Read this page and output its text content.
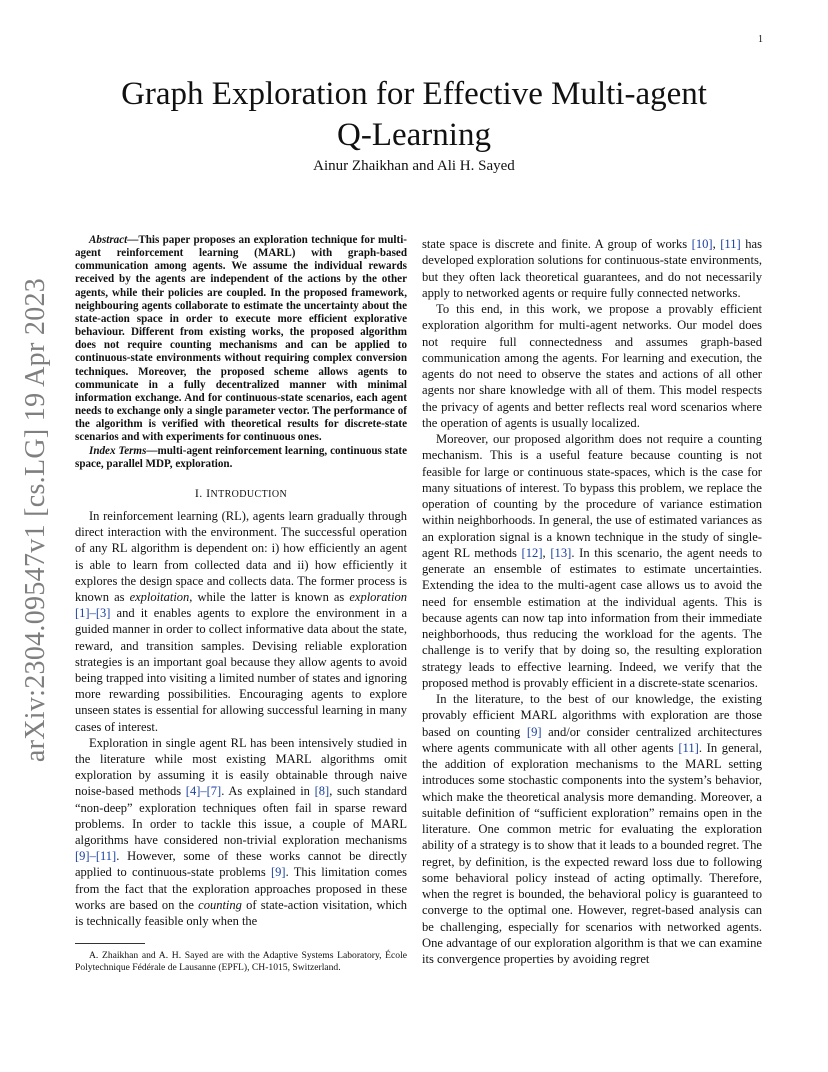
1
arXiv:2304.09547v1 [cs.LG] 19 Apr 2023
Graph Exploration for Effective Multi-agent
Q-Learning
Ainur Zhaikhan and Ali H. Sayed

Abstract—This paper proposes an exploration technique for multi-agent reinforcement learning (MARL) with graph-based communication among agents. We assume the individual rewards received by the agents are independent of the actions by the other agents, while their policies are coupled. In the proposed framework, neighbouring agents collaborate to estimate the uncertainty about the state-action space in order to execute more efficient explorative behaviour. Different from existing works, the proposed algorithm does not require counting mechanisms and can be applied to continuous-state environments without requiring complex conversion techniques. Moreover, the proposed scheme allows agents to communicate in a fully decentralized manner with minimal information exchange. And for continuous-state scenarios, each agent needs to exchange only a single parameter vector. The performance of the algorithm is verified with theoretical results for discrete-state scenarios and with experiments for continuous ones.

Index Terms—multi-agent reinforcement learning, continuous state space, parallel MDP, exploration.

I. INTRODUCTION

In reinforcement learning (RL), agents learn gradually through direct interaction with the environment. The successful operation of any RL algorithm is dependent on: i) how efficiently an agent is able to learn from collected data and ii) how efficiently it explores the design space and collects data. The former process is known as exploitation, while the latter is known as exploration [1]–[3] and it enables agents to explore the environment in a guided manner in order to collect informative data about the state, reward, and transition samples. Devising reliable exploration strategies is an important goal because they allow agents to avoid being trapped into visiting a limited number of states and ignoring more rewarding possibilities. Encouraging agents to explore unseen states is essential for allowing successful learning in many cases of interest.

Exploration in single agent RL has been intensively studied in the literature while most existing MARL algorithms omit exploration by assuming it is easily obtainable through naive noise-based methods [4]–[7]. As explained in [8], such standard “non-deep” exploration techniques often fail in sparse reward problems. In order to tackle this issue, a couple of MARL algorithms have considered non-trivial exploration mechanisms [9]–[11]. However, some of these works cannot be directly applied to continuous-state problems [9]. This limitation comes from the fact that the exploration approaches proposed in these works are based on the counting of state-action visitation, which is technically feasible only when the

A. Zhaikhan and A. H. Sayed are with the Adaptive Systems Laboratory, École Polytechnique Fédérale de Lausanne (EPFL), CH-1015, Switzerland.

state space is discrete and finite. A group of works [10], [11] has developed exploration solutions for continuous-state environments, but they often lack theoretical guarantees, and do not necessarily apply to networked agents or require fully connected networks.

To this end, in this work, we propose a provably efficient exploration algorithm for multi-agent networks. Our model does not require full connectedness and assumes graph-based communication among the agents. For learning and execution, the agents do not need to observe the states and actions of all other agents nor share knowledge with all of them. This model respects the privacy of agents and better reflects real word scenarios where the operation of agents is usually localized.

Moreover, our proposed algorithm does not require a counting mechanism. This is a useful feature because counting is not feasible for large or continuous state-spaces, which is the case for many situations of interest. To bypass this problem, we replace the operation of counting by the procedure of variance estimation within neighborhoods. In general, the use of estimated variances as an exploration signal is a known technique in the study of single-agent RL methods [12], [13]. In this scenario, the agent needs to generate an ensemble of estimates to estimate uncertainties. Extending the idea to the multi-agent case allows us to avoid the need for ensemble estimation at the individual agents. This is because agents can now tap into information from their immediate neighborhoods, thus reducing the workload for the agents. The challenge is to verify that by doing so, the resulting exploration strategy leads to effective learning. Indeed, we verify that the proposed method is provably efficient in a discrete-state scenarios.

In the literature, to the best of our knowledge, the existing provably efficient MARL algorithms with exploration are those based on counting [9] and/or consider centralized architectures where agents communicate with all other agents [11]. In general, the addition of exploration mechanisms to the MARL setting introduces some stochastic components into the system’s behavior, which make the theoretical analysis more demanding. Moreover, a suitable definition of “sufficient exploration” remains open in the literature. One common metric for evaluating the exploration ability of a strategy is to show that it leads to a bounded regret. The regret, by definition, is the expected reward loss due to following some behavioral policy instead of acting optimally. Therefore, when the regret is bounded, the behavioral policy is guaranteed to converge to the optimal one. However, regret-based analysis can be challenging, especially for scenarios with networked agents. One advantage of our exploration algorithm is that we can examine its convergence properties by avoiding regret
